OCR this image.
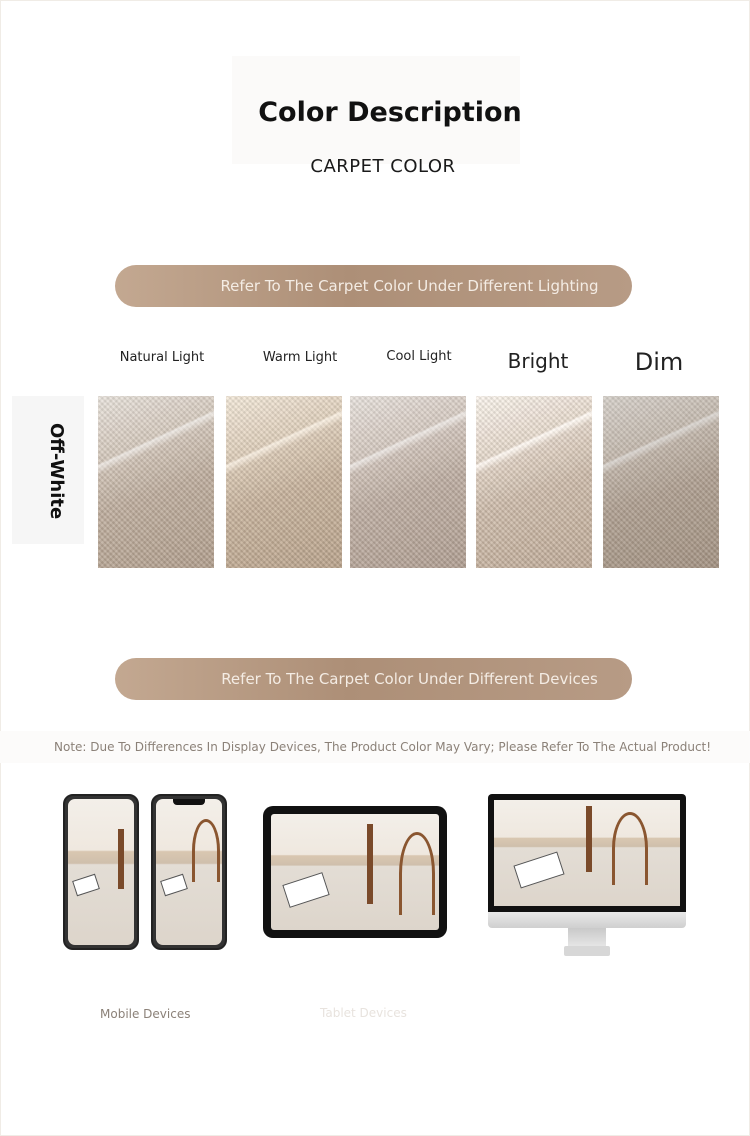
Color Description
CARPET COLOR
Refer To The Carpet Color Under Different Lighting
Natural Light	Warm Light	Cool Light	Bright	Dim
Off-White
Refer To The Carpet Color Under Different Devices
Note: Due To Differences In Display Devices, The Product Color May Vary; Please Refer To The Actual Product!
Mobile Devices	Tablet Devices
